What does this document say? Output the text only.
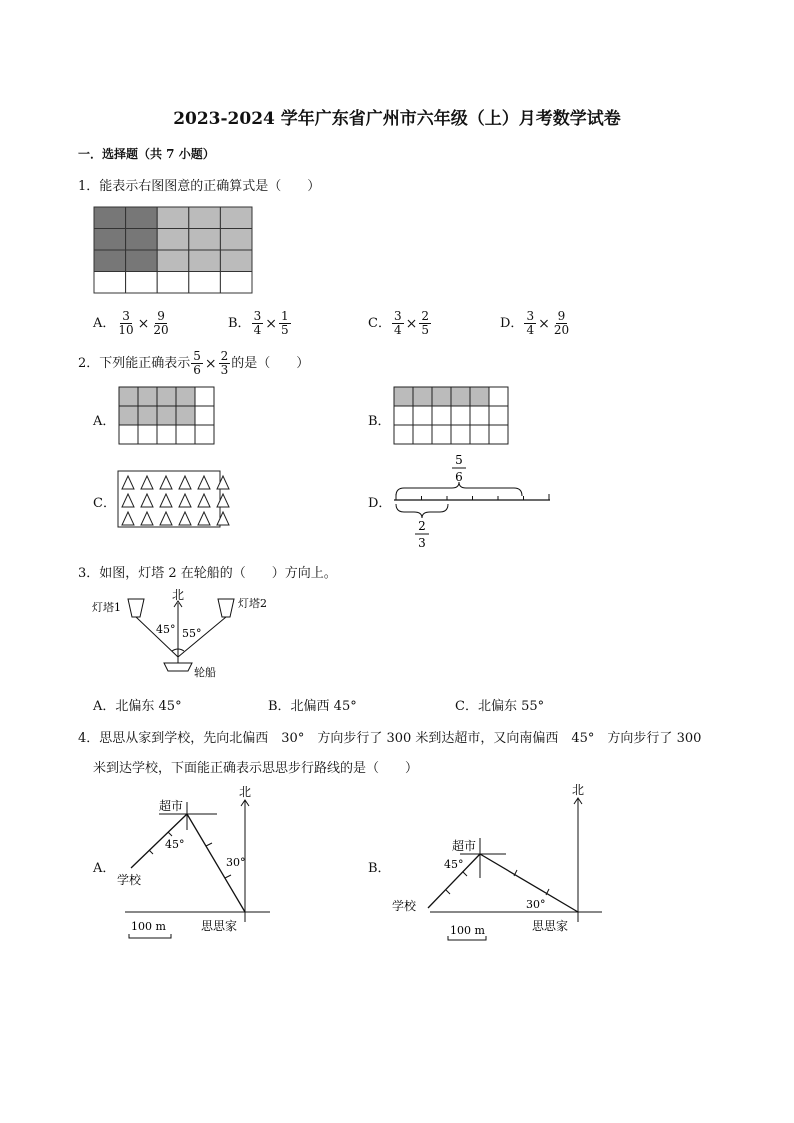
2023-2024 学年广东省广州市六年级（上）月考数学试卷
一．选择题（共 7 小题）
1．能表示右图图意的正确算式是（　　）
A． $\frac{3}{10} \times \frac{9}{20}$	B． $\frac{3}{4} \times \frac{1}{5}$	C． $\frac{3}{4} \times \frac{2}{5}$	D． $\frac{3}{4} \times \frac{9}{20}$
2．下列能正确表示 $\frac{5}{6} \times \frac{2}{3}$ 的是（　　）
A．	B．
C．	D．
5
6
2
3
3．如图，灯塔 2 在轮船的（　　）方向上。
灯塔1
北
灯塔2
45° 55°
轮船
A．北偏东 45°	B．北偏西 45°	C．北偏东 55°
4．思思从家到学校，先向北偏西　30°　方向步行了 300 米到达超市，又向南偏西　45°　方向步行了 300
米到达学校，下面能正确表示思思步行路线的是（　　）
A．
北
超市
45°
30°
学校
思思家
100 m
B．
北
超市
45°
30°
学校
思思家
100 m
